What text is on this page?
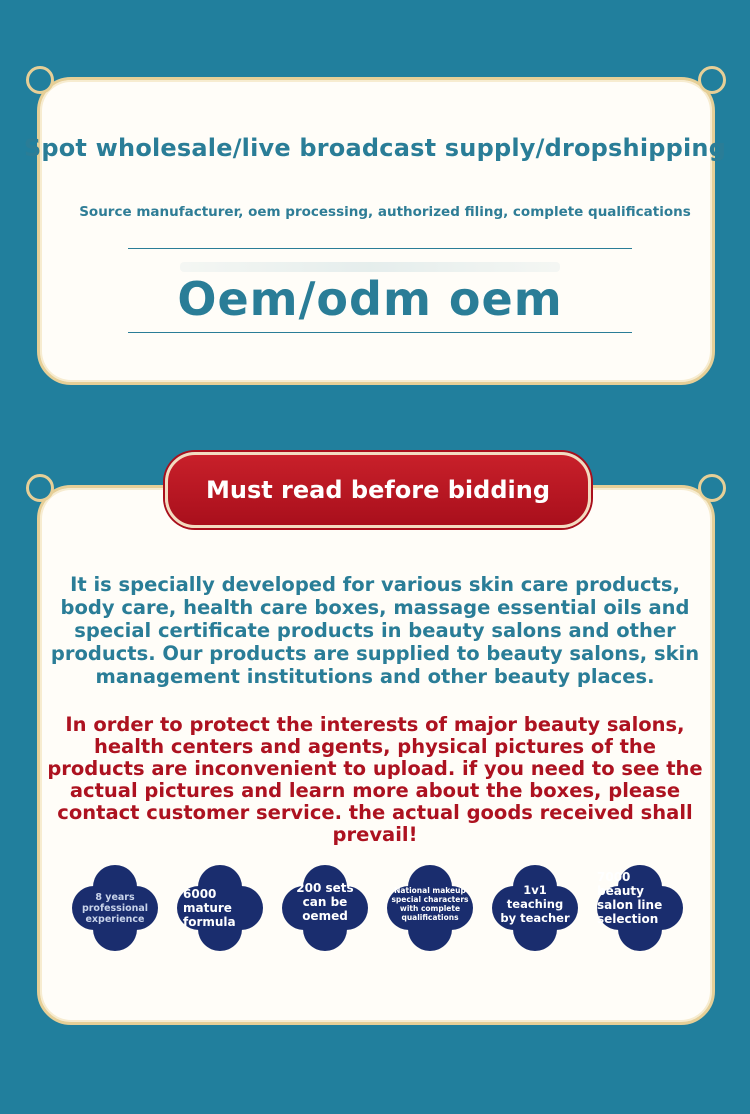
Spot wholesale/live broadcast supply/dropshipping
Source manufacturer, oem processing, authorized filing, complete qualifications
Oem/odm oem
Must read before bidding
It is specially developed for various skin care products, body care, health care boxes, massage essential oils and special certificate products in beauty salons and other products. Our products are supplied to beauty salons, skin management institutions and other beauty places.
In order to protect the interests of major beauty salons, health centers and agents, physical pictures of the products are inconvenient to upload. if you need to see the actual pictures and learn more about the boxes, please contact customer service. the actual goods received shall prevail!
8 years professional experience
6000 mature formula
200 sets can be oemed
National makeup special characters with complete qualifications
1v1 teaching by teacher
7000 beauty salon line selection
